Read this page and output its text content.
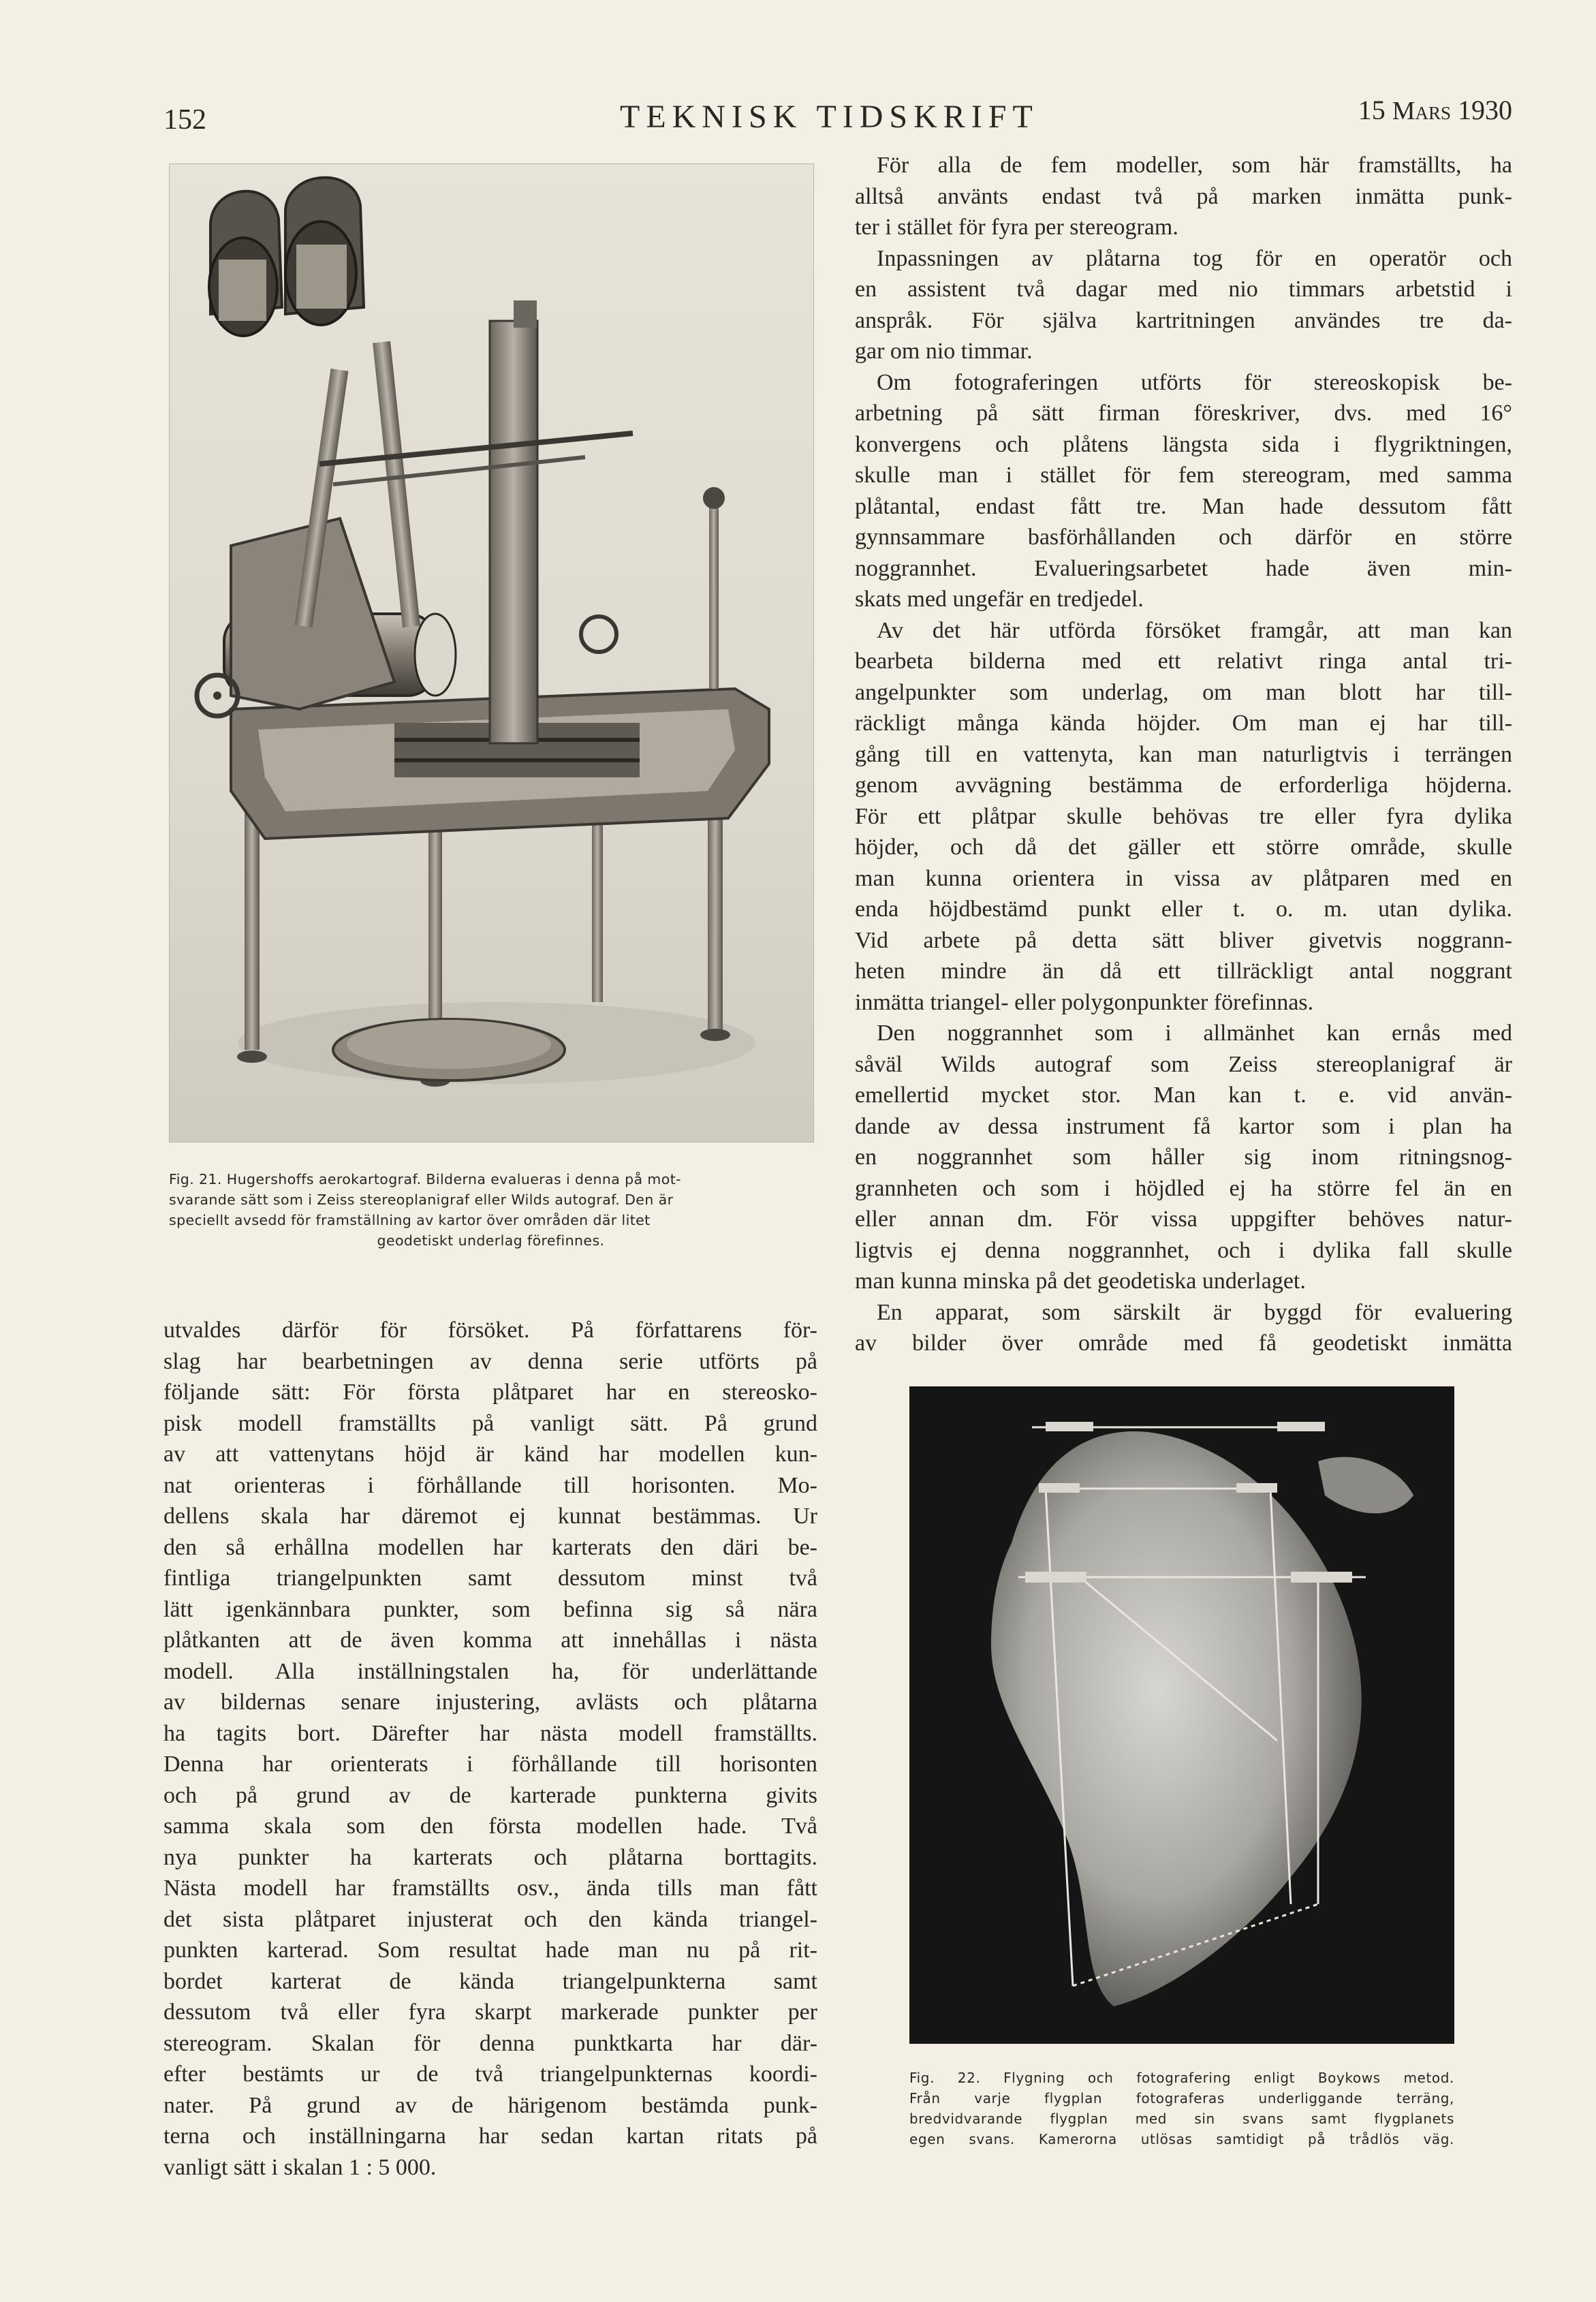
152	TEKNISK TIDSKRIFT	15 Mars 1930
Fig. 21. Hugershoffs aerokartograf. Bilderna evalueras i denna på mot-
svarande sätt som i Zeiss stereoplanigraf eller Wilds autograf. Den är
speciellt avsedd för framställning av kartor över områden där litet
geodetiskt underlag förefinnes.
utvaldes därför för försöket. På författarens för-
slag har bearbetningen av denna serie utförts på
följande sätt: För första plåtparet har en stereosko-
pisk modell framställts på vanligt sätt. På grund
av att vattenytans höjd är känd har modellen kun-
nat orienteras i förhållande till horisonten. Mo-
dellens skala har däremot ej kunnat bestämmas. Ur
den så erhållna modellen har karterats den däri be-
fintliga triangelpunkten samt dessutom minst två
lätt igenkännbara punkter, som befinna sig så nära
plåtkanten att de även komma att innehållas i nästa
modell. Alla inställningstalen ha, för underlättande
av bildernas senare injustering, avlästs och plåtarna
ha tagits bort. Därefter har nästa modell framställts.
Denna har orienterats i förhållande till horisonten
och på grund av de karterade punkterna givits
samma skala som den första modellen hade. Två
nya punkter ha karterats och plåtarna borttagits.
Nästa modell har framställts osv., ända tills man fått
det sista plåtparet injusterat och den kända triangel-
punkten karterad. Som resultat hade man nu på rit-
bordet karterat de kända triangelpunkterna samt
dessutom två eller fyra skarpt markerade punkter per
stereogram. Skalan för denna punktkarta har där-
efter bestämts ur de två triangelpunkternas koordi-
nater. På grund av de härigenom bestämda punk-
terna och inställningarna har sedan kartan ritats på
vanligt sätt i skalan 1 : 5 000.
För alla de fem modeller, som här framställts, ha
alltså använts endast två på marken inmätta punk-
ter i stället för fyra per stereogram.
Inpassningen av plåtarna tog för en operatör och
en assistent två dagar med nio timmars arbetstid i
anspråk. För själva kartritningen användes tre da-
gar om nio timmar.
Om fotograferingen utförts för stereoskopisk be-
arbetning på sätt firman föreskriver, dvs. med 16°
konvergens och plåtens längsta sida i flygriktningen,
skulle man i stället för fem stereogram, med samma
plåtantal, endast fått tre. Man hade dessutom fått
gynnsammare basförhållanden och därför en större
noggrannhet. Evalueringsarbetet hade även min-
skats med ungefär en tredjedel.
Av det här utförda försöket framgår, att man kan
bearbeta bilderna med ett relativt ringa antal tri-
angelpunkter som underlag, om man blott har till-
räckligt många kända höjder. Om man ej har till-
gång till en vattenyta, kan man naturligtvis i terrängen
genom avvägning bestämma de erforderliga höjderna.
För ett plåtpar skulle behövas tre eller fyra dylika
höjder, och då det gäller ett större område, skulle
man kunna orientera in vissa av plåtparen med en
enda höjdbestämd punkt eller t. o. m. utan dylika.
Vid arbete på detta sätt bliver givetvis noggrann-
heten mindre än då ett tillräckligt antal noggrant
inmätta triangel- eller polygonpunkter förefinnas.
Den noggrannhet som i allmänhet kan ernås med
såväl Wilds autograf som Zeiss stereoplanigraf är
emellertid mycket stor. Man kan t. e. vid använ-
dande av dessa instrument få kartor som i plan ha
en noggrannhet som håller sig inom ritningsnog-
grannheten och som i höjdled ej ha större fel än en
eller annan dm. För vissa uppgifter behöves natur-
ligtvis ej denna noggrannhet, och i dylika fall skulle
man kunna minska på det geodetiska underlaget.
En apparat, som särskilt är byggd för evaluering
av bilder över område med få geodetiskt inmätta
Fig. 22. Flygning och fotografering enligt Boykows metod.
Från varje flygplan fotograferas underliggande terräng,
bredvidvarande flygplan med sin svans samt flygplanets
egen svans. Kamerorna utlösas samtidigt på trådlös väg.
